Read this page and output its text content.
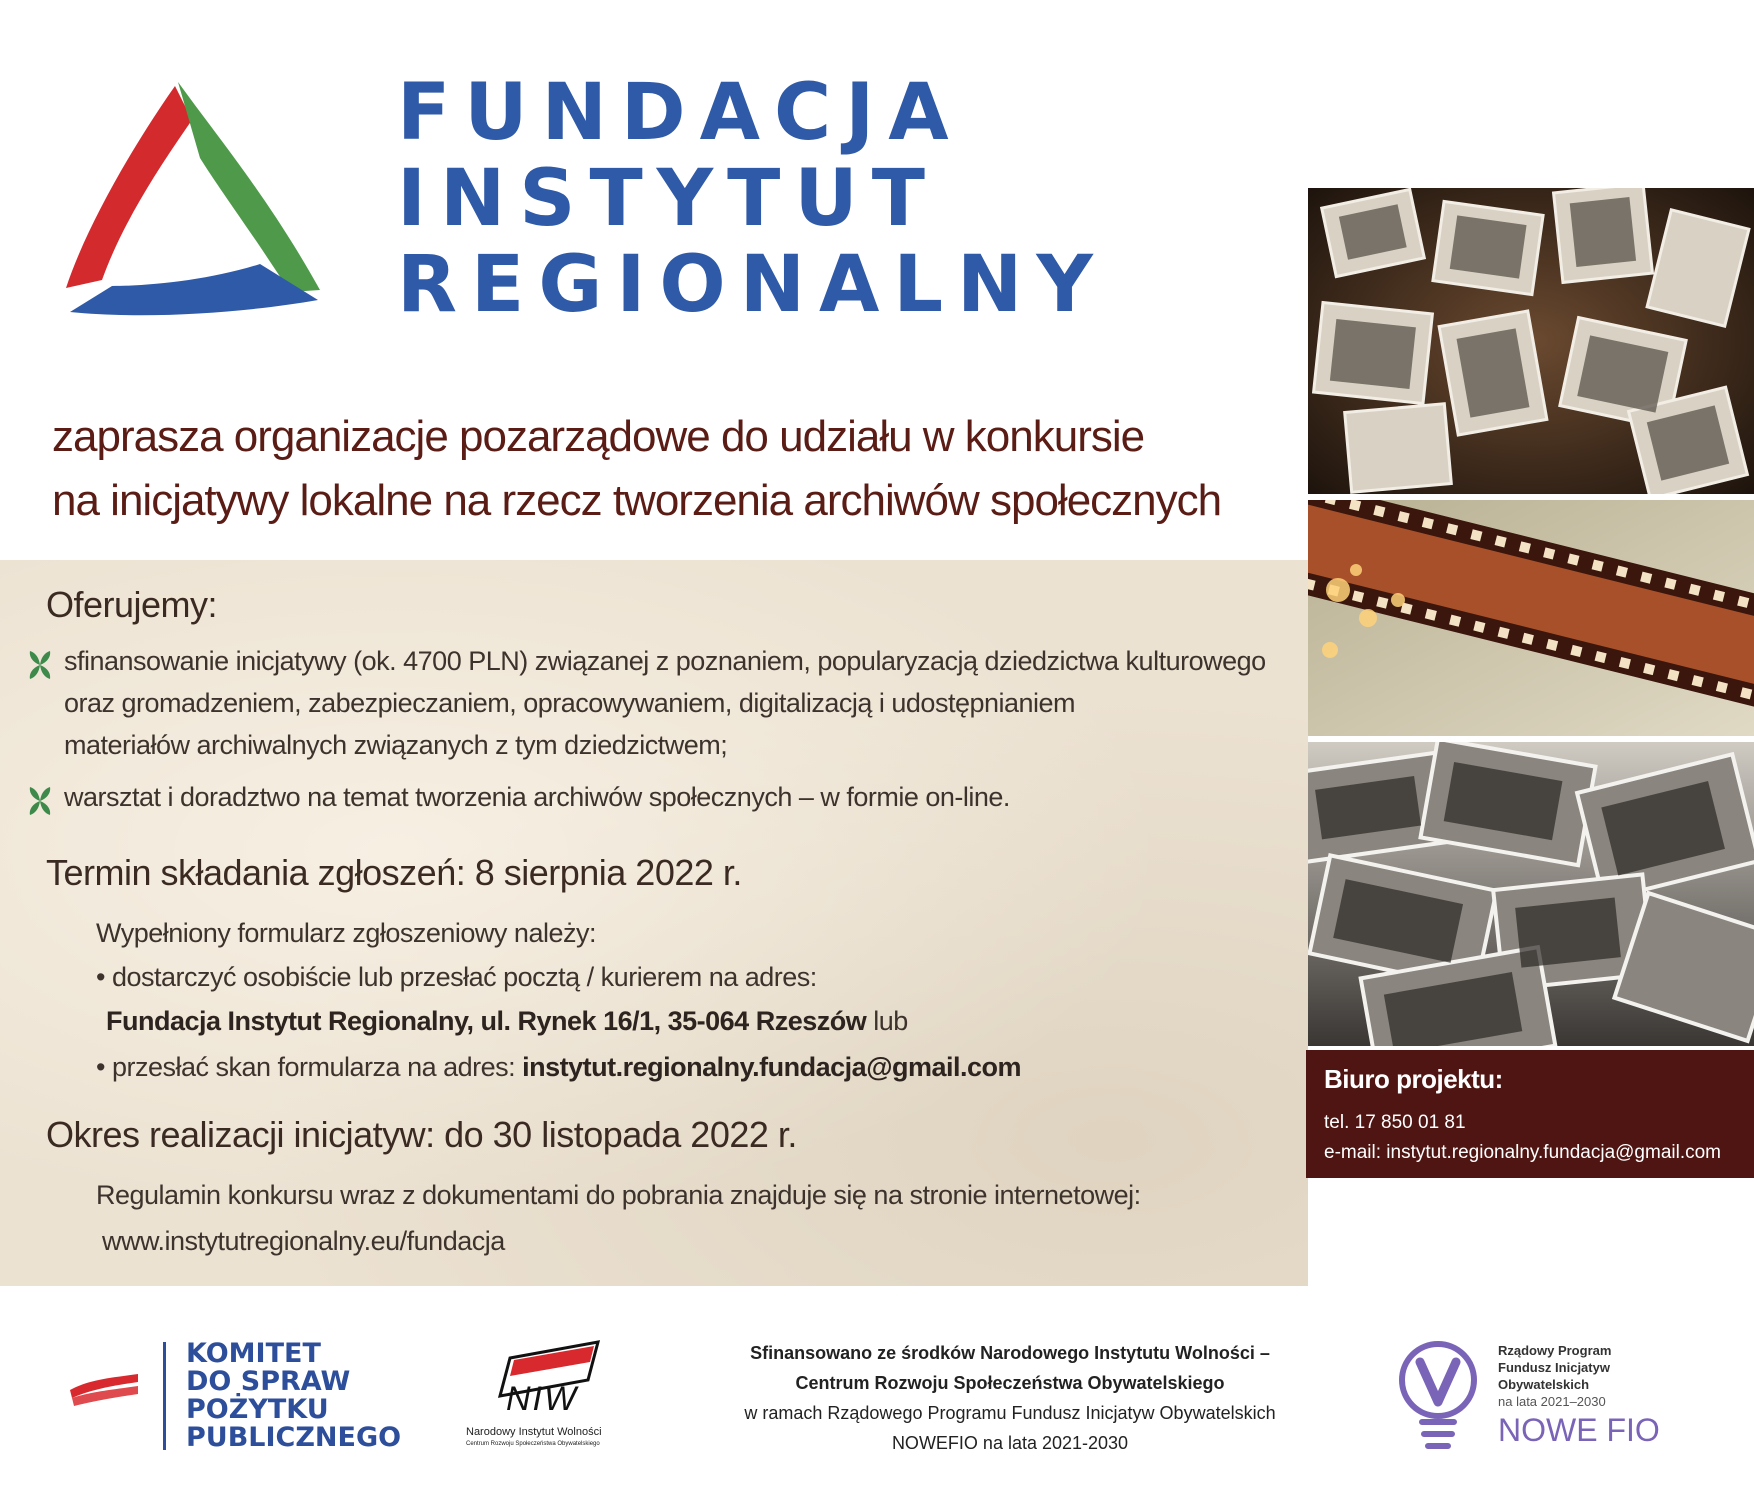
FUNDACJA
INSTYTUT
REGIONALNY
zaprasza organizacje pozarządowe do udziału w konkursie
na inicjatywy lokalne na rzecz tworzenia archiwów społecznych
Oferujemy:
sfinansowanie inicjatywy (ok. 4700 PLN) związanej z poznaniem, popularyzacją dziedzictwa kulturowego
oraz gromadzeniem, zabezpieczaniem, opracowywaniem, digitalizacją i udostępnianiem
materiałów archiwalnych związanych z tym dziedzictwem;
warsztat i doradztwo na temat tworzenia archiwów społecznych – w formie on-line.
Termin składania zgłoszeń: 8 sierpnia 2022 r.
Wypełniony formularz zgłoszeniowy należy:
• dostarczyć osobiście lub przesłać pocztą / kurierem na adres:
Fundacja Instytut Regionalny, ul. Rynek 16/1, 35-064 Rzeszów lub
• przesłać skan formularza na adres: instytut.regionalny.fundacja@gmail.com
Okres realizacji inicjatyw: do 30 listopada 2022 r.
Regulamin konkursu wraz z dokumentami do pobrania znajduje się na stronie internetowej:
www.instytutregionalny.eu/fundacja
Biuro projektu:
tel. 17 850 01 81
e-mail: instytut.regionalny.fundacja@gmail.com
KOMITET
DO SPRAW
POŻYTKU
PUBLICZNEGO
NIW
Narodowy Instytut Wolności
Centrum Rozwoju Społeczeństwa Obywatelskiego
Sfinansowano ze środków Narodowego Instytutu Wolności –
Centrum Rozwoju Społeczeństwa Obywatelskiego
w ramach Rządowego Programu Fundusz Inicjatyw Obywatelskich
NOWEFIO na lata 2021-2030
Rządowy Program
Fundusz Inicjatyw
Obywatelskich
na lata 2021–2030
NOWE FIO
